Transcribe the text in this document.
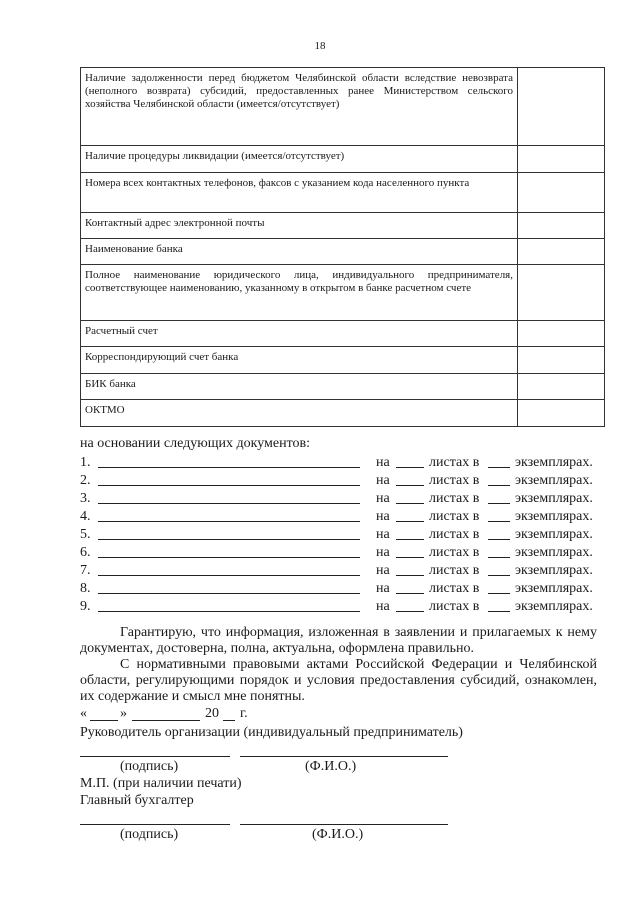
18
Наличие задолженности перед бюджетом Челябинской области вследствие невозврата (неполного возврата) субсидий, предоставленных ранее Министерством сельского хозяйства Челябинской области (имеется/отсутствует)	
Наличие процедуры ликвидации (имеется/отсутствует)	
Номера всех контактных телефонов, факсов с указанием кода населенного пункта	
Контактный адрес электронной почты	
Наименование банка	
Полное наименование юридического лица, индивидуального предпринимателя, соответствующее наименованию, указанному в открытом в банке расчетном счете	
Расчетный счет	
Корреспондирующий счет банка	
БИК банка	
ОКТМО	
на основании следующих документов:
1.	на	листах в	экземплярах.
2.	на	листах в	экземплярах.
3.	на	листах в	экземплярах.
4.	на	листах в	экземплярах.
5.	на	листах в	экземплярах.
6.	на	листах в	экземплярах.
7.	на	листах в	экземплярах.
8.	на	листах в	экземплярах.
9.	на	листах в	экземплярах.
Гарантирую, что информация, изложенная в заявлении и прилагаемых к нему документах, достоверна, полна, актуальна, оформлена правильно.
С нормативными правовыми актами Российской Федерации и Челябинской области, регулирующими порядок и условия предоставления субсидий, ознакомлен, их содержание и смысл мне понятны.
« »	20 г.
Руководитель организации (индивидуальный предприниматель)
(подпись)	(Ф.И.О.)
М.П. (при наличии печати)
Главный бухгалтер
(подпись)	(Ф.И.О.)
